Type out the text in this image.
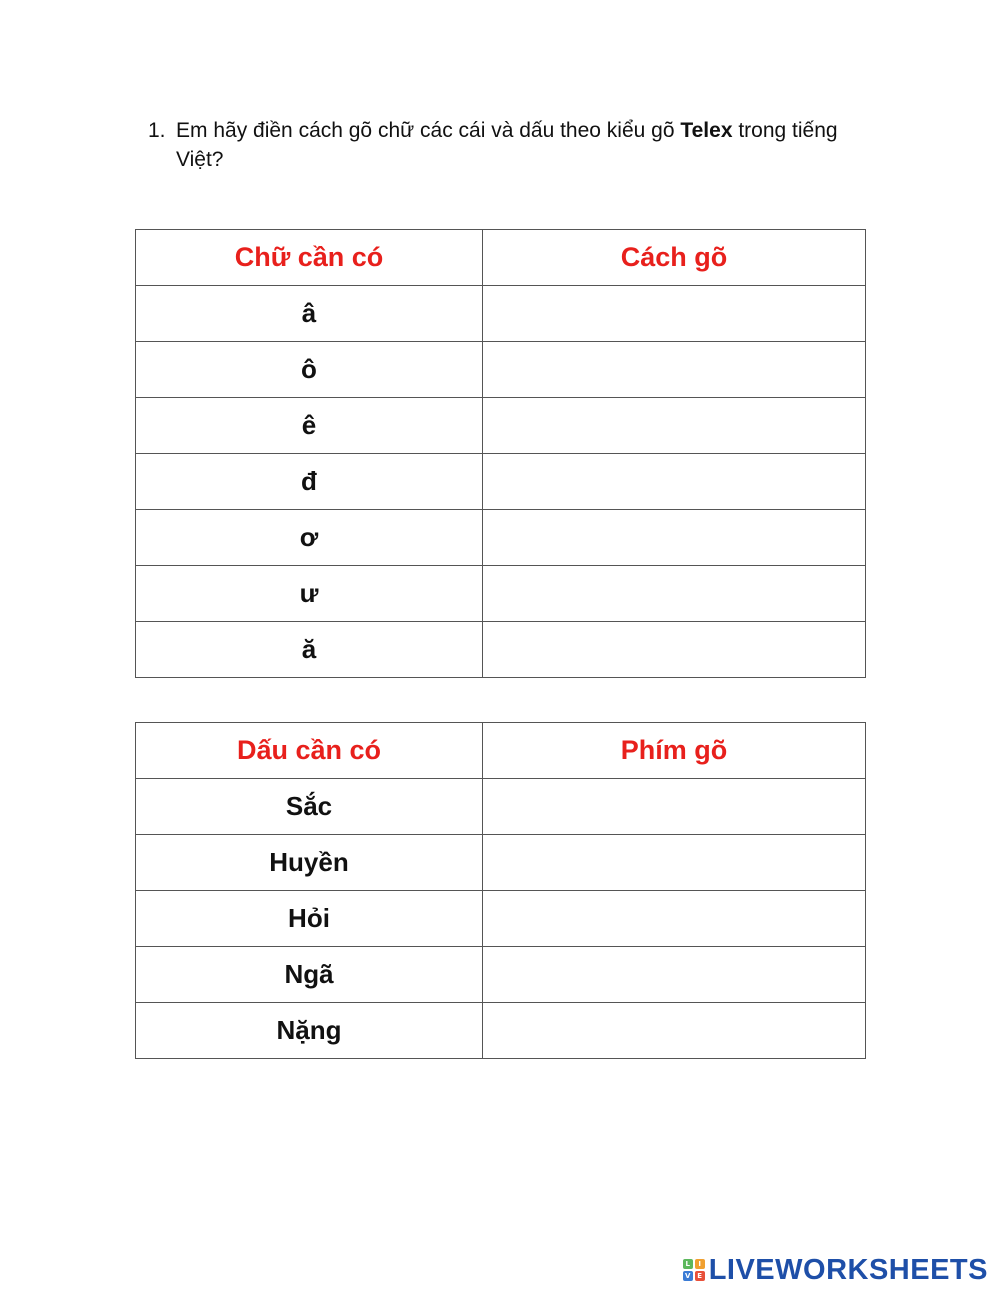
1. Em hãy điền cách gõ chữ các cái và dấu theo kiểu gõ Telex trong tiếng Việt?
Chữ cần có	Cách gõ
â	
ô	
ê	
đ	
ơ	
ư	
ă	
Dấu cần có	Phím gõ
Sắc	
Huyền	
Hỏi	
Ngã	
Nặng	
L	I
V E LIVEWORKSHEETS
